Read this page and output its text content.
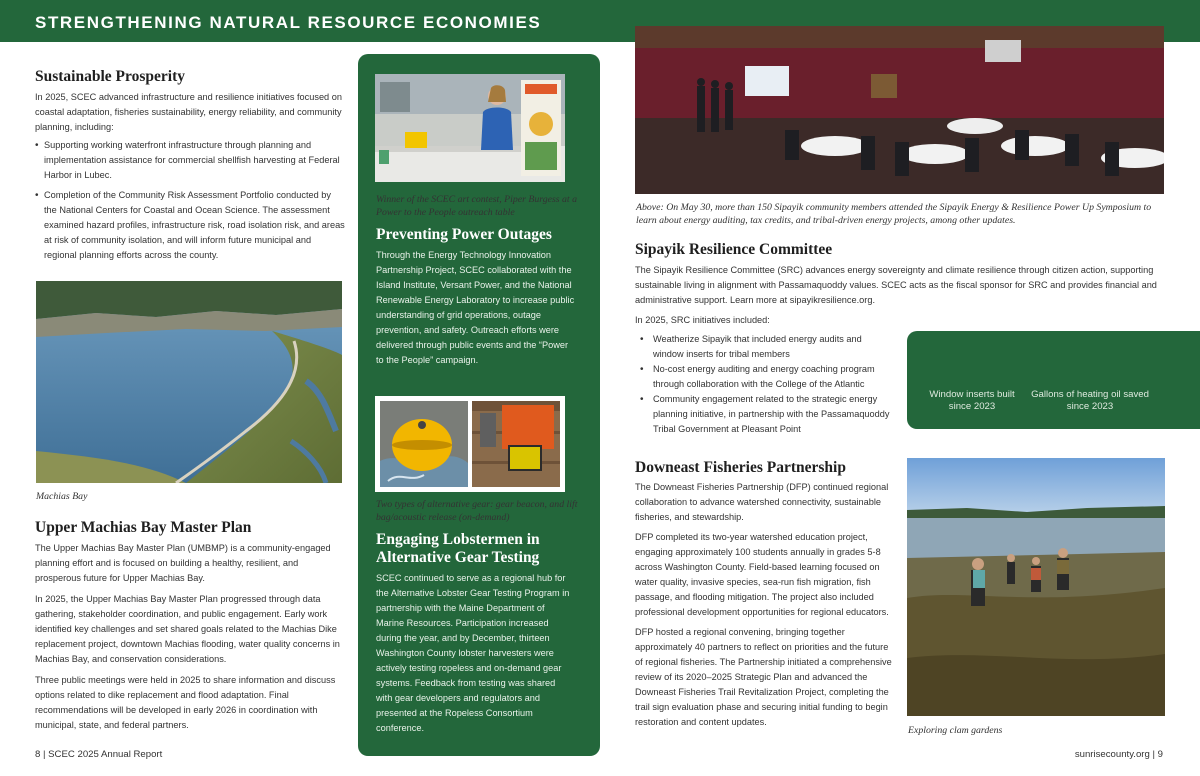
STRENGTHENING NATURAL RESOURCE ECONOMIES
Sustainable Prosperity

In 2025, SCEC advanced infrastructure and resilience initiatives focused on coastal adaptation, fisheries sustainability, energy reliability, and community planning, including:

• Supporting working waterfront infrastructure through planning and implementation assistance for commercial shellfish harvesting at Federal Harbor in Lubec.
• Completion of the Community Risk Assessment Portfolio conducted by the National Centers for Coastal and Ocean Science. The assessment examined hazard profiles, infrastructure risk, road isolation risk, and areas at risk of community isolation, and will inform future municipal and regional planning efforts across the county.
Machias Bay
Upper Machias Bay Master Plan

The Upper Machias Bay Master Plan (UMBMP) is a community-engaged planning effort and is focused on building a healthy, resilient, and prosperous future for Upper Machias Bay.

In 2025, the Upper Machias Bay Master Plan progressed through data gathering, stakeholder coordination, and public engagement. Early work identified key challenges and set shared goals related to the Machias Dike replacement project, downtown Machias flooding, water quality concerns in Machias Bay, and conservation considerations.

Three public meetings were held in 2025 to share information and discuss options related to dike replacement and flood adaptation. Final recommendations will be developed in early 2026 in coordination with municipal, state, and federal partners.

8 | SCEC 2025 Annual Report
Winner of the SCEC art contest, Piper Burgess at a Power to the People outreach table
Preventing Power Outages

Through the Energy Technology Innovation Partnership Project, SCEC collaborated with the Island Institute, Versant Power, and the National Renewable Energy Laboratory to increase public understanding of grid operations, outage prevention, and safety. Outreach efforts were delivered through public events and the “Power to the People” campaign.

Two types of alternative gear: gear beacon, and lift bag/acoustic release (on-demand)
Engaging Lobstermen in Alternative Gear Testing

SCEC continued to serve as a regional hub for the Alternative Lobster Gear Testing Program in partnership with the Maine Department of Marine Resources. Participation increased during the year, and by December, thirteen Washington County lobster harvesters were actively testing ropeless and on-demand gear systems. Feedback from testing was shared with gear developers and regulators and presented at the Ropeless Consortium conference.

Above: On May 30, more than 150 Sipayik community members attended the Sipayik Energy & Resilience Power Up Symposium to learn about energy auditing, tax credits, and tribal-driven energy projects, among other updates.
Sipayik Resilience Committee

The Sipayik Resilience Committee (SRC) advances energy sovereignty and climate resilience through citizen action, supporting sustainable living in alignment with Passamaquoddy values. SCEC acts as the fiscal sponsor for SRC and provides financial and administrative support. Learn more at sipayikresilience.org.

In 2025, SRC initiatives included:

• Weatherize Sipayik that included energy audits and window inserts for tribal members
• No-cost energy auditing and energy coaching program through collaboration with the College of the Atlantic
• Community engagement related to the strategic energy planning initiative, in partnership with the Passamaquoddy Tribal Government at Pleasant Point
Window inserts built since 2023
Gallons of heating oil saved since 2023
Downeast Fisheries Partnership

The Downeast Fisheries Partnership (DFP) continued regional collaboration to advance watershed connectivity, sustainable fisheries, and stewardship.

DFP completed its two-year watershed education project, engaging approximately 100 students annually in grades 5-8 across Washington County. Field-based learning focused on water quality, invasive species, sea-run fish migration, fish passage, and flooding mitigation. The project also included professional development opportunities for regional educators.

DFP hosted a regional convening, bringing together approximately 40 partners to reflect on priorities and the future of regional fisheries. The Partnership initiated a comprehensive review of its 2020–2025 Strategic Plan and advanced the Downeast Fisheries Trail Revitalization Project, completing the trail sign evaluation phase and securing initial funding to begin restoration and content updates.

Exploring clam gardens
sunrisecounty.org | 9
